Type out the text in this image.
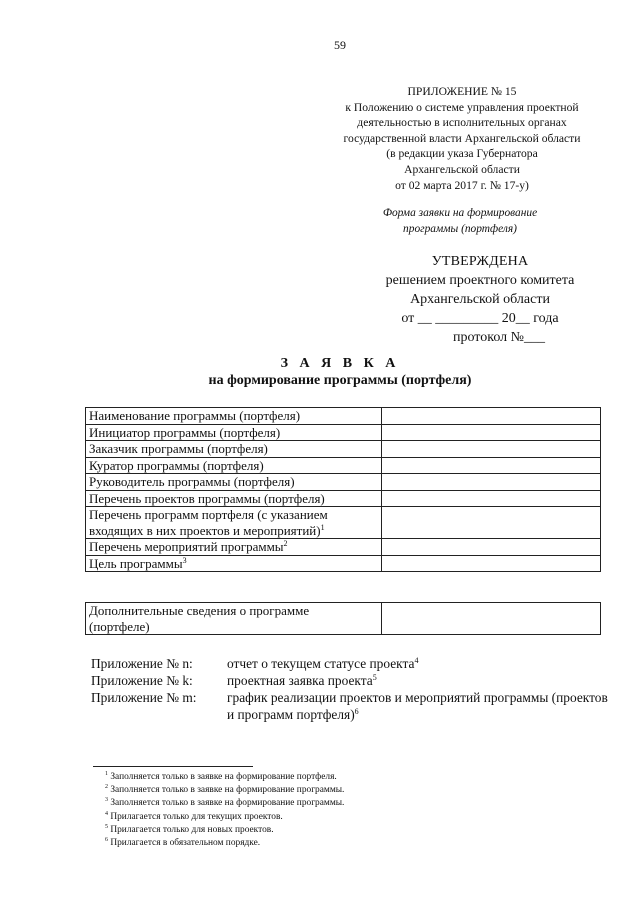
59
ПРИЛОЖЕНИЕ № 15
к Положению о системе управления проектной
деятельностью в исполнительных органах
государственной власти Архангельской области
(в редакции указа Губернатора
Архангельской области
от 02 марта 2017 г. № 17-у)
Форма заявки на формирование
программы (портфеля)
УТВЕРЖДЕНА
решением проектного комитета
Архангельской области
от __ _________ 20__ года
протокол №___
З А Я В К А
на формирование программы (портфеля)
Наименование программы (портфеля)	
Инициатор программы (портфеля)	
Заказчик программы (портфеля)	
Куратор программы (портфеля)	
Руководитель программы (портфеля)	
Перечень проектов программы (портфеля)	
Перечень программ портфеля (с указанием
входящих в них проектов и мероприятий)$^1$	
Перечень мероприятий программы$^2$	
Цель программы$^3$	
Дополнительные сведения о программе
(портфеле)	
Приложение № n:	отчет о текущем статусе проекта$^4$
Приложение № k:	проектная заявка проекта$^5$
Приложение № m:	график реализации проектов и мероприятий программы (проектов и программ портфеля)$^6$
$^1$ Заполняется только в заявке на формирование портфеля.
$^2$ Заполняется только в заявке на формирование программы.
$^3$ Заполняется только в заявке на формирование программы.
$^4$ Прилагается только для текущих проектов.
$^5$ Прилагается только для новых проектов.
$^6$ Прилагается в обязательном порядке.
